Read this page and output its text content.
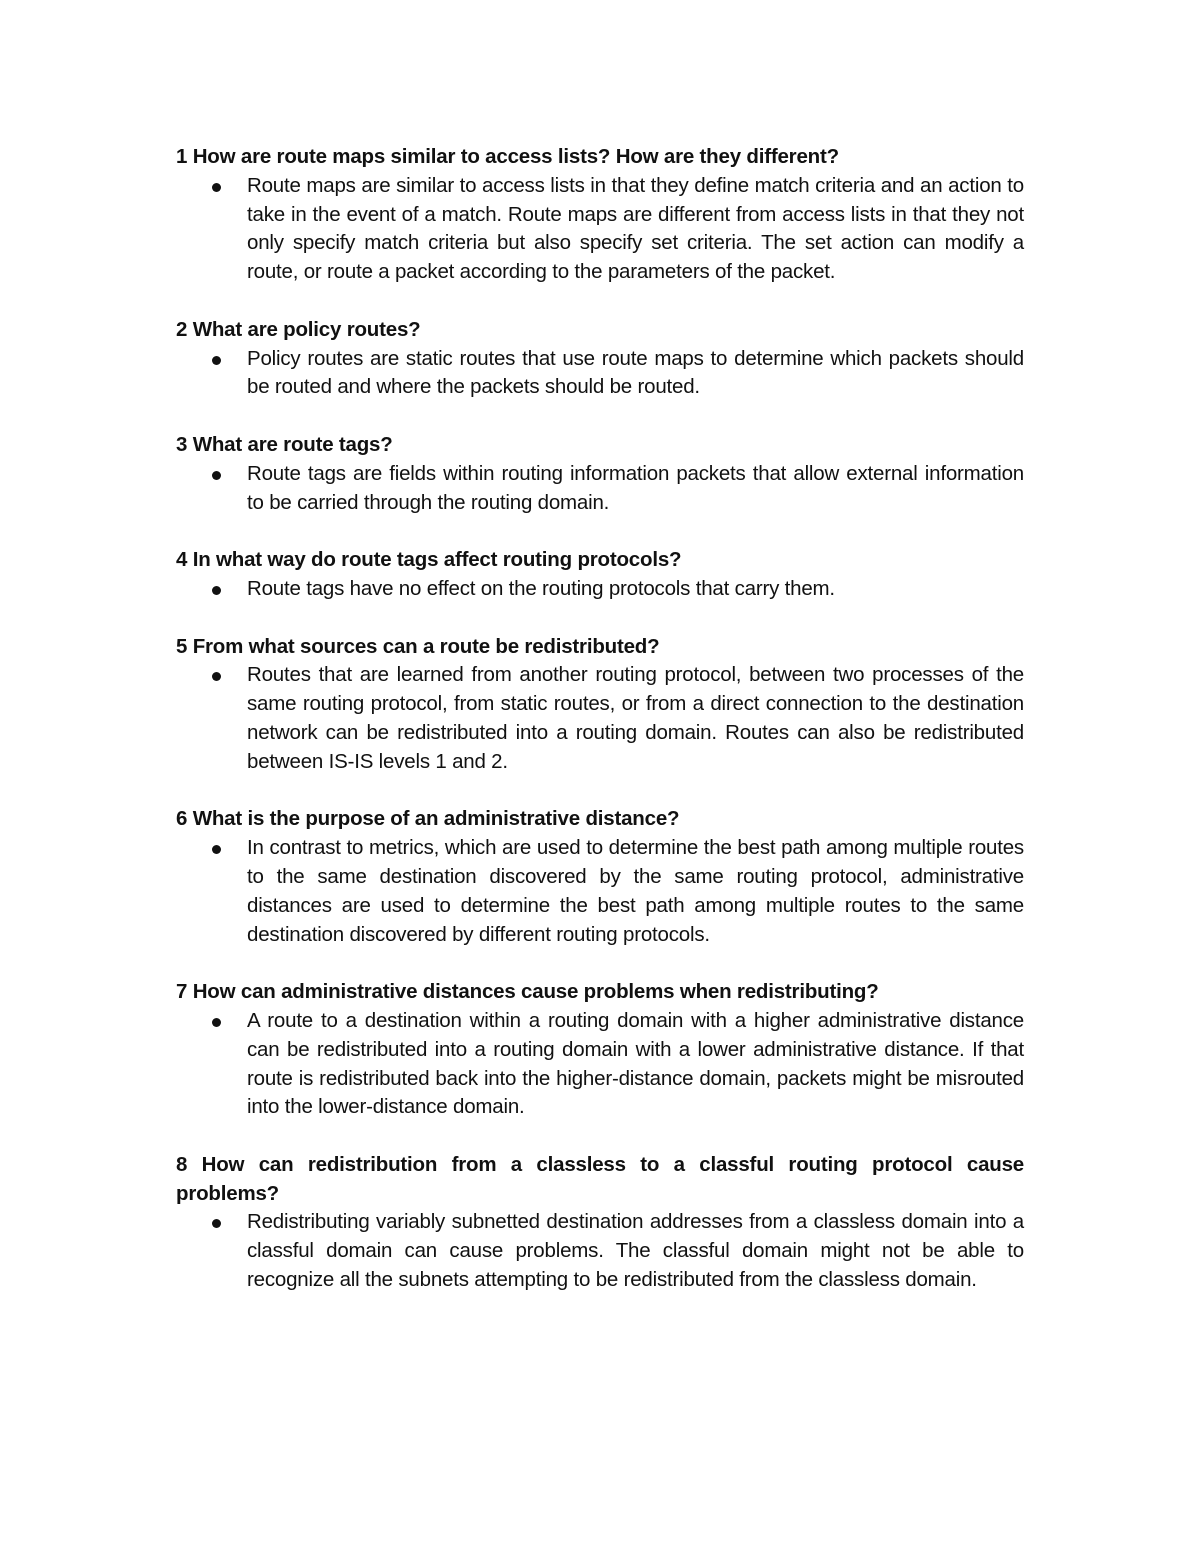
1 How are route maps similar to access lists? How are they different?

Route maps are similar to access lists in that they define match criteria and an action to take in the event of a match. Route maps are different from access lists in that they not only specify match criteria but also specify set criteria. The set action can modify a route, or route a packet according to the parameters of the packet.

2 What are policy routes?

Policy routes are static routes that use route maps to determine which packets should be routed and where the packets should be routed.

3 What are route tags?

Route tags are fields within routing information packets that allow external information to be carried through the routing domain.

4 In what way do route tags affect routing protocols?

Route tags have no effect on the routing protocols that carry them.

5 From what sources can a route be redistributed?

Routes that are learned from another routing protocol, between two processes of the same routing protocol, from static routes, or from a direct connection to the destination network can be redistributed into a routing domain. Routes can also be redistributed between IS-IS levels 1 and 2.

6 What is the purpose of an administrative distance?

In contrast to metrics, which are used to determine the best path among multiple routes to the same destination discovered by the same routing protocol, administrative distances are used to determine the best path among multiple routes to the same destination discovered by different routing protocols.

7 How can administrative distances cause problems when redistributing?

A route to a destination within a routing domain with a higher administrative distance can be redistributed into a routing domain with a lower administrative distance. If that route is redistributed back into the higher-distance domain, packets might be misrouted into the lower-distance domain.

8 How can redistribution from a classless to a classful routing protocol cause problems?

Redistributing variably subnetted destination addresses from a classless domain into a classful domain can cause problems. The classful domain might not be able to recognize all the subnets attempting to be redistributed from the classless domain.
